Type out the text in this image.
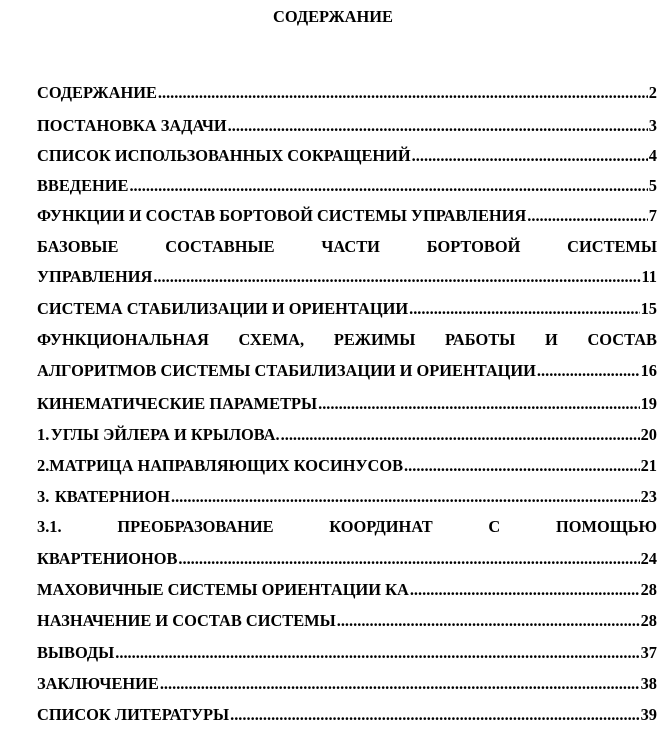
СОДЕРЖАНИЕ
СОДЕРЖАНИЕ .....	2
ПОСТАНОВКА ЗАДАЧИ .....	3
СПИСОК ИСПОЛЬЗОВАННЫХ СОКРАЩЕНИЙ .....	4
ВВЕДЕНИЕ .....	5
ФУНКЦИИ И СОСТАВ БОРТОВОЙ СИСТЕМЫ УПРАВЛЕНИЯ .....	7
БАЗОВЫЕ	СОСТАВНЫЕ	ЧАСТИ	БОРТОВОЙ	СИСТЕМЫ
УПРАВЛЕНИЯ .....	11
СИСТЕМА СТАБИЛИЗАЦИИ И ОРИЕНТАЦИИ .....	15
ФУНКЦИОНАЛЬНАЯ СХЕМА, РЕЖИМЫ РАБОТЫ И СОСТАВ
АЛГОРИТМОВ СИСТЕМЫ СТАБИЛИЗАЦИИ И ОРИЕНТАЦИИ .....	16
КИНЕМАТИЧЕСКИЕ ПАРАМЕТРЫ .....	19
1. УГЛЫ ЭЙЛЕРА И КРЫЛОВА. .....	20
2. МАТРИЦА НАПРАВЛЯЮЩИХ КОСИНУСОВ .....	21
3. КВАТЕРНИОН .....	23
3.1.	ПРЕОБРАЗОВАНИЕ	КООРДИНАТ	С	ПОМОЩЬЮ
КВАРТЕНИОНОВ .....	24
МАХОВИЧНЫЕ СИСТЕМЫ ОРИЕНТАЦИИ КА .....	28
НАЗНАЧЕНИЕ И СОСТАВ СИСТЕМЫ .....	28
ВЫВОДЫ .....	37
ЗАКЛЮЧЕНИЕ .....	38
СПИСОК ЛИТЕРАТУРЫ .....	39
